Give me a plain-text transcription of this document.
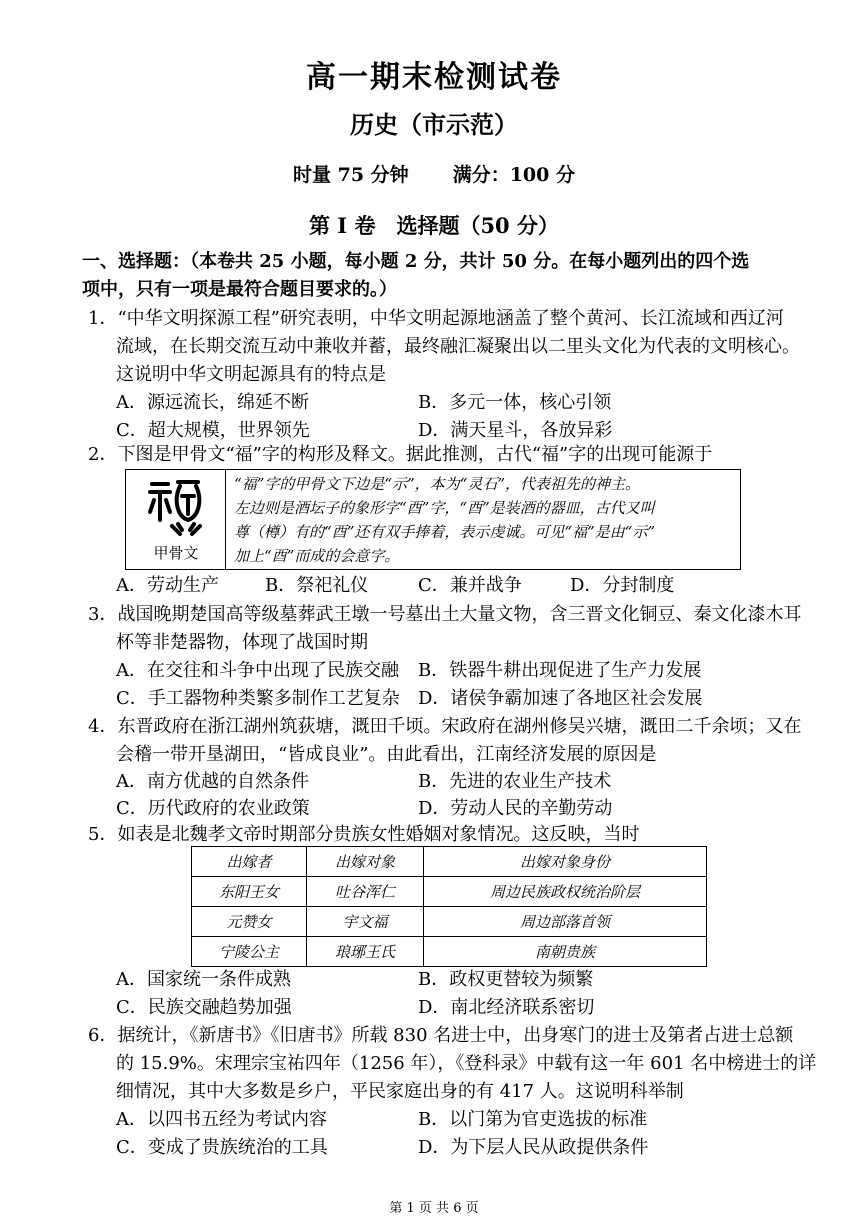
高一期末检测试卷
历史（市示范）
时量 75 分钟 满分：100 分
第 I 卷　选择题（50 分）
一、选择题：（本卷共 25 小题，每小题 2 分，共计 50 分。在每小题列出的四个选
项中，只有一项是最符合题目要求的。）
1．“中华文明探源工程”研究表明，中华文明起源地涵盖了整个黄河、长江流域和西辽河
流域，在长期交流互动中兼收并蓄，最终融汇凝聚出以二里头文化为代表的文明核心。
这说明中华文明起源具有的特点是
A．源远流长，绵延不断	B．多元一体，核心引领
C．超大规模，世界领先	D．满天星斗，各放异彩
2．下图是甲骨文“福”字的构形及释文。据此推测，古代“福”字的出现可能源于
甲骨文
“福”字的甲骨文下边是“示”，本为“灵石”，代表祖先的神主。
左边则是酒坛子的象形字“酉”字，“酉”是装酒的器皿，古代又叫
尊（樽）有的“酉”还有双手捧着，表示虔诚。可见“福”是由“示”
加上“酉”而成的会意字。
A．劳动生产	B．祭祀礼仪	C．兼并战争	D．分封制度
3．战国晚期楚国高等级墓葬武王墩一号墓出土大量文物，含三晋文化铜豆、秦文化漆木耳
杯等非楚器物，体现了战国时期
A．在交往和斗争中出现了民族交融 B．铁器牛耕出现促进了生产力发展
C．手工器物种类繁多制作工艺复杂 D．诸侯争霸加速了各地区社会发展
4．东晋政府在浙江湖州筑荻塘，溉田千顷。宋政府在湖州修吴兴塘，溉田二千余顷；又在
会稽一带开垦湖田，“皆成良业”。由此看出，江南经济发展的原因是
A．南方优越的自然条件	B．先进的农业生产技术
C．历代政府的农业政策	D．劳动人民的辛勤劳动
5．如表是北魏孝文帝时期部分贵族女性婚姻对象情况。这反映，当时
出嫁者	出嫁对象	出嫁对象身份
东阳王女	吐谷浑仁	周边民族政权统治阶层
元赞女	宇文福	周边部落首领
宁陵公主	琅琊王氏	南朝贵族
A．国家统一条件成熟	B．政权更替较为频繁
C．民族交融趋势加强	D．南北经济联系密切
6．据统计，《新唐书》《旧唐书》所载 830 名进士中，出身寒门的进士及第者占进士总额
的 15.9%。宋理宗宝祐四年（1256 年），《登科录》中载有这一年 601 名中榜进士的详
细情况，其中大多数是乡户，平民家庭出身的有 417 人。这说明科举制
A．以四书五经为考试内容	B．以门第为官吏选拔的标准
C．变成了贵族统治的工具	D．为下层人民从政提供条件
第 1 页 共 6 页
